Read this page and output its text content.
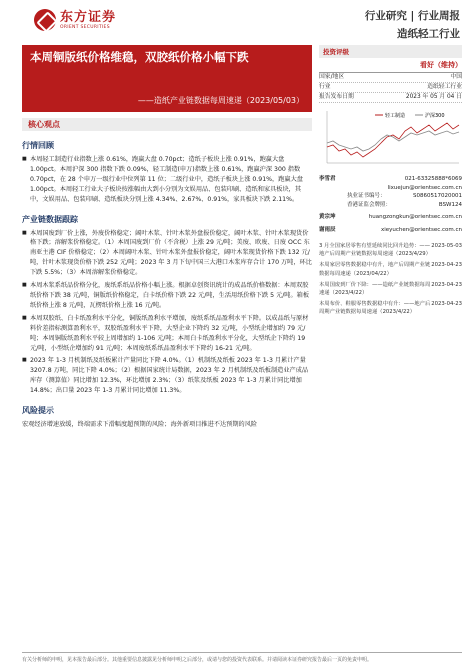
东方证券
ORIENT SECURITIES
行业研究 | 行业周报
造纸轻工行业
本周铜版纸价格维稳，双胶纸价格小幅下跌
——造纸产业链数据每周速递（2023/05/03）
核心观点
行情回顾
■ 本周轻工制造行业指数上涨 0.61%，跑赢大盘 0.70pct；造纸子板块上涨 0.91%，跑赢大盘 1.00pct。本周沪深 300 指数下跌 0.09%，轻工制造(申万)指数上涨 0.61%，跑赢沪深 300 指数 0.70pct，在 28 个申万一级行业中位列第 11 位；二级行业中，造纸子板块上涨 0.91%，跑赢大盘 1.00pct。本周轻工行业大子板块按涨幅由大到小分别为文娱用品、包装印刷、造纸和家具板块，其中，文娱用品、包装印刷、造纸板块分别上涨 4.34%、2.67%、0.91%，家具板块下跌 2.11%。
产业链数据跟踪
■ 本周国废到厂价上涨，外废价格稳定；阔叶木浆、针叶木浆外盘报价稳定，阔叶木浆、针叶木浆现货价格下跌；溶解浆价格稳定。（1）本周国废到厂价（不含税）上涨 29 元/吨；美废、欧废、日废 OCC 东南亚主港 CIF 价格稳定；（2）本周阔叶木浆、针叶木浆外盘报价稳定，阔叶木浆现货价格下跌 132 元/吨，针叶木浆现货价格下跌 252 元/吨；2023 年 3 月下旬中国三大港口木浆库存合计 170 万吨，环比下跌 5.5%；（3）本周溶解浆价格稳定。
■ 本周木浆系纸品价格分化，废纸系纸品价格小幅上涨。根据卓创资讯统计的成品纸价格数据：本周双胶纸价格下跌 38 元/吨，铜版纸价格稳定，白卡纸价格下跌 22 元/吨，生活用纸价格下跌 5 元/吨。箱板纸价格上涨 8 元/吨，瓦楞纸价格上涨 16 元/吨。
■ 本周双胶纸、白卡纸盈利水平分化，铜版纸盈利水平增加，废纸系纸品盈利水平下降。以成品纸与原材料价差指标测算盈利水平，双胶纸盈利水平下降，大型企业下降约 32 元/吨，小型纸企增加约 79 元/吨；本周铜版纸盈利水平较上周增加约 1-106 元/吨；本周白卡纸盈利水平分化，大型纸企下降约 19 元/吨，小型纸企增加约 91 元/吨；本周废纸系纸品盈利水平下降约 16-21 元/吨。
■ 2023 年 1-3 月机制纸及纸板累计产量同比下降 4.0%。（1）机制纸及纸板 2023 年 1-3 月累计产量 3207.8 万吨，同比下降 4.0%；（2）根据国家统计局数据，2023 年 2 月机制纸及纸板制造业产成品库存（测算值）同比增加 12.3%，环比增加 2.3%；（3）纸浆及纸板 2023 年 1-3 月累计同比增加 14.8%；出口量 2023 年 1-3 月累计同比增加 11.3%。
风险提示
宏观经济增速放缓，终端需求下滑幅度超预期的风险；海外新项目推进不达预期的风险
投资评级
看好（维持）
国家/地区	中国
行业	造纸轻工行业
报告发布日期	2023 年 05 月 04 日
轻工制造	沪深300
李雪君	021-63325888*6069
lixuejun@orientsec.com.cn
执业证书编号：	S0860517020001
香港证监会牌照：	BSW124
黄宗坤	huangzongkun@orientsec.com.cn
谢雨辰	xieyuchen@orientsec.com.cn
3 月全国家居零售有望延续同比回升趋势：——地产后周期产业链数据每周速递（2023/4/29）
2023-05-03
本周家居零售数据稳中有升，地产后周期产业链数据每周速递（2023/04/22）
2023-04-23
本周国废到厂价下降：——造纸产业链数据每周速递（2023/4/22）
2023-04-23
本周布价、鞋服零售数据稳中有升：——地产后周期产业链数据每周速递（2023/4/22）
2023-04-23
有关分析师的申明，见本报告最后部分。其他重要信息披露见分析师申明之后部分，或请与您的投资代表联系。并请阅读本证券研究报告最后一页的免责申明。
